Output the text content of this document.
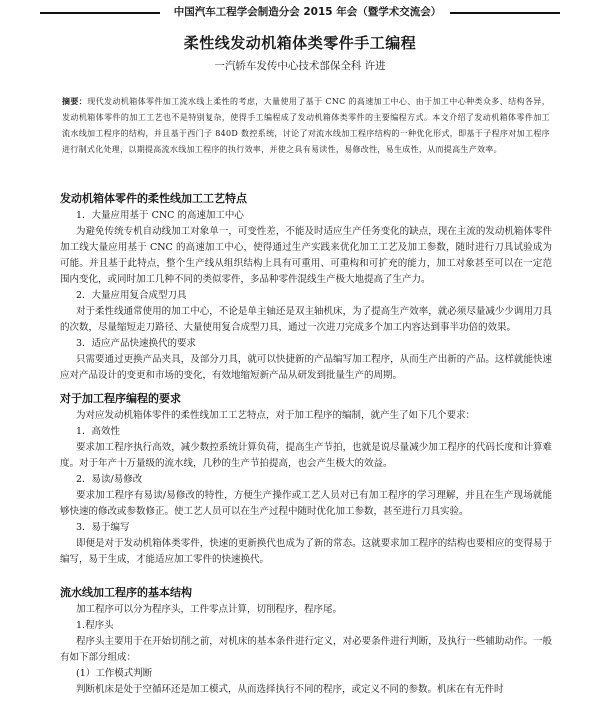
中国汽车工程学会制造分会 2015 年会（暨学术交流会）
柔性线发动机箱体类零件手工编程
一汽轿车发传中心技术部保全科 许进
摘要：现代发动机箱体零件加工流水线上柔性的考虑，大量使用了基于 CNC 的高速加工中心、由于加工中心种类众多、结构各异，发动机箱体零件的加工工艺也不是特别复杂，使得手工编程成了发动机箱体类零件的主要编程方式。本文介绍了发动机箱体零件加工流水线加工程序的结构，并且基于西门子 840D 数控系统，讨论了对流水线加工程序结构的一种优化形式，即基于子程序对加工程序进行制式化处理，以期提高流水线加工程序的执行效率，并使之具有易读性，易修改性，易生成性，从而提高生产效率。
发动机箱体零件的柔性线加工工艺特点

1．大量应用基于 CNC 的高速加工中心

为避免传统专机自动线加工对象单一，可变性差，不能及时适应生产任务变化的缺点，现在主流的发动机箱体零件加工线大量应用基于 CNC 的高速加工中心，使得通过生产实践来优化加工工艺及加工参数，随时进行刀具试验成为可能。并且基于此特点，整个生产线从组织结构上具有可重用、可重构和可扩充的能力，加工对象甚至可以在一定范围内变化，或同时加工几种不同的类似零件，多品种零件混线生产极大地提高了生产力。

2．大量应用复合成型刀具

对于柔性线通常使用的加工中心，不论是单主轴还是双主轴机床，为了提高生产效率，就必须尽量减少少调用刀具的次数，尽量缩短走刀路径、大量使用复合成型刀具，通过一次进刀完成多个加工内容达到事半功倍的效果。

3．适应产品快速换代的要求

只需要通过更换产品夹具，及部分刀具，就可以快捷新的产品编写加工程序，从而生产出新的产品。这样就能快速应对产品设计的变更和市场的变化，有效地缩短新产品从研发到批量生产的周期。

对于加工程序编程的要求

为对应发动机箱体零件的柔性线加工工艺特点，对于加工程序的编制，就产生了如下几个要求：

1．高效性

要求加工程序执行高效，减少数控系统计算负荷，提高生产节拍，也就是说尽量减少加工程序的代码长度和计算难度。对于年产十万量级的流水线，几秒的生产节拍提高，也会产生极大的效益。

2．易读/易修改

要求加工程序有易读/易修改的特性，方便生产操作或工艺人员对已有加工程序的学习理解，并且在生产现场就能够快速的修改或参数修正。使工艺人员可以在生产过程中随时优化加工参数，甚至进行刀具实验。

3．易于编写

即便是对于发动机箱体类零件，快速的更新换代也成为了新的常态。这就要求加工程序的结构也要相应的变得易于编写，易于生成，才能适应加工零件的快速换代。

流水线加工程序的基本结构

加工程序可以分为程序头，工件零点计算，切削程序，程序尾。

1.程序头

程序头主要用于在开始切削之前，对机床的基本条件进行定义，对必要条件进行判断，及执行一些辅助动作。一般有如下部分组成：

(1）工作模式判断

判断机床是处于空循环还是加工模式，从而选择执行不同的程序，或定义不同的参数。机床在有无件时
